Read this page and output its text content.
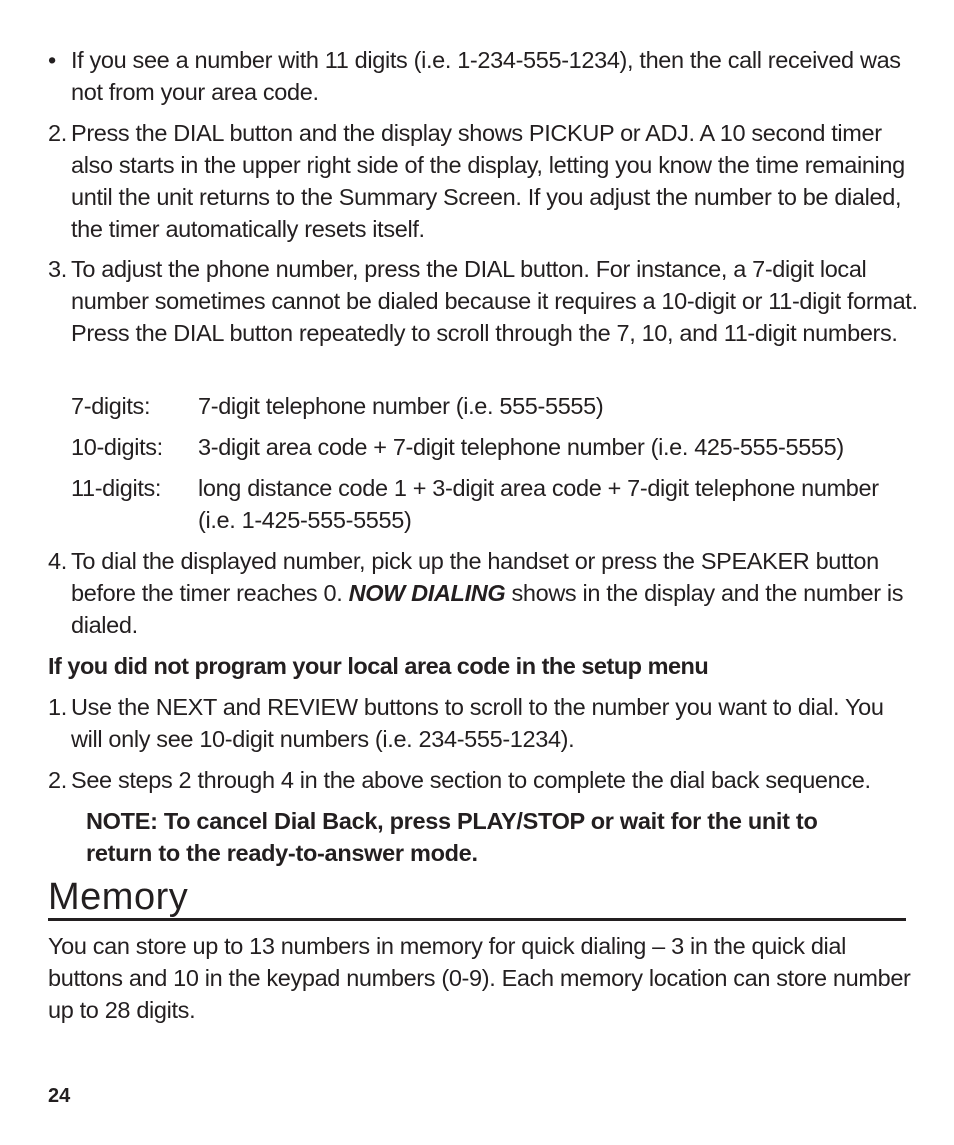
• If you see a number with 11 digits (i.e. 1-234-555-1234), then the call received was not from your area code.
2. Press the DIAL button and the display shows PICKUP or ADJ. A 10 second timer also starts in the upper right side of the display, letting you know the time remaining until the unit returns to the Summary Screen. If you adjust the number to be dialed, the timer automatically resets itself.
3. To adjust the phone number, press the DIAL button. For instance, a 7-digit local number sometimes cannot be dialed because it requires a 10-digit or 11-digit format. Press the DIAL button repeatedly to scroll through the 7, 10, and 11-digit numbers.
7-digits: 7-digit telephone number (i.e. 555-5555)
10-digits: 3-digit area code + 7-digit telephone number (i.e. 425-555-5555)
11-digits: long distance code 1 + 3-digit area code + 7-digit telephone number (i.e. 1-425-555-5555)
4. To dial the displayed number, pick up the handset or press the SPEAKER button before the timer reaches 0. NOW DIALING shows in the display and the number is dialed.
If you did not program your local area code in the setup menu
1. Use the NEXT and REVIEW buttons to scroll to the number you want to dial. You will only see 10-digit numbers (i.e. 234-555-1234).
2. See steps 2 through 4 in the above section to complete the dial back sequence.
NOTE: To cancel Dial Back, press PLAY/STOP or wait for the unit to return to the ready-to-answer mode.
Memory
You can store up to 13 numbers in memory for quick dialing – 3 in the quick dial buttons and 10 in the keypad numbers (0-9). Each memory location can store number up to 28 digits.
24
